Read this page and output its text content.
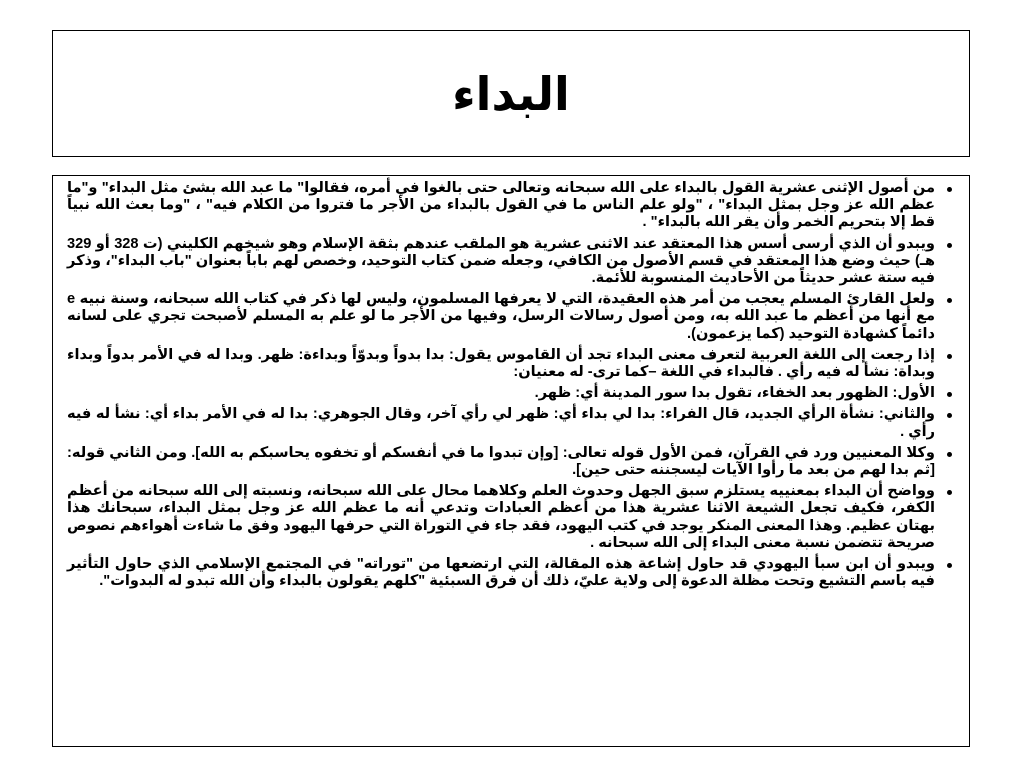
البداء
من أصول الإثنى عشرية القول بالبداء على الله سبحانه وتعالى حتى بالغوا في أمره، فقالوا" ما عبد الله بشئ مثل البداء" و"ما عظم الله عز وجل بمثل البداء" ، "ولو علم الناس ما في القول بالبداء من الأجر ما فتروا من الكلام فيه" ، "وما بعث الله نبياً قط إلا بتحريم الخمر وأن يقر الله بالبداء" .
ويبدو أن الذي أرسى أسس هذا المعتقد عند الاثنى عشرية هو الملقب عندهم بثقة الإسلام وهو شيخهم الكليني (ت 328 أو 329 هـ) حيث وضع هذا المعتقد في قسم الأصول من الكافي، وجعله ضمن كتاب التوحيد، وخصص لهم باباً بعنوان "باب البداء"، وذكر فيه ستة عشر حديثاً من الأحاديث المنسوبة للأئمة.
ولعل القارئ المسلم يعجب من أمر هذه العقيدة، التي لا يعرفها المسلمون، وليس لها ذكر في كتاب الله سبحانه، وسنة نبيه e مع أنها من أعظم ما عبد الله به، ومن أصول رسالات الرسل، وفيها من الأجر ما لو علم به المسلم لأصبحت تجري على لسانه دائماً كشهادة التوحيد (كما يزعمون).
إذا رجعت إلى اللغة العربية لتعرف معنى البداء تجد أن القاموس يقول: بدا بدواً وبدوّاً وبداءة: ظهر. وبدا له في الأمر بدواً وبداء وبداة: نشأ له فيه رأي . فالبداء في اللغة –كما ترى- له معنيان:
الأول: الظهور بعد الخفاء، تقول بدا سور المدينة أي: ظهر.
والثاني: نشأة الرأي الجديد، قال الفراء: بدا لي بداء أي: ظهر لي رأي آخر، وقال الجوهري: بدا له في الأمر بداء أي: نشأ له فيه رأي .
وكلا المعنيين ورد في القرآن، فمن الأول قوله تعالى: [وإن تبدوا ما في أنفسكم أو تخفوه يحاسبكم به الله]. ومن الثاني قوله: [ثم بدا لهم من بعد ما رأوا الآيات ليسجننه حتى حين].
وواضح أن البداء بمعنييه يستلزم سبق الجهل وحدوث العلم وكلاهما محال على الله سبحانه، ونسبته إلى الله سبحانه من أعظم الكفر، فكيف تجعل الشيعة الاثنا عشرية هذا من أعظم العبادات وتدعي أنه ما عظم الله عز وجل بمثل البداء، سبحانك هذا بهتان عظيم. وهذا المعنى المنكر يوجد في كتب اليهود، فقد جاء في التوراة التي حرفها اليهود وفق ما شاءت أهواءهم نصوص صريحة تتضمن نسبة معنى البداء إلى الله سبحانه .
ويبدو أن ابن سبأ اليهودي قد حاول إشاعة هذه المقالة، التي ارتضعها من "توراته" في المجتمع الإسلامي الذي حاول التأثير فيه باسم التشيع وتحت مظلة الدعوة إلى ولاية عليّ، ذلك أن فرق السبئية "كلهم يقولون بالبداء وأن الله تبدو له البدوات".
